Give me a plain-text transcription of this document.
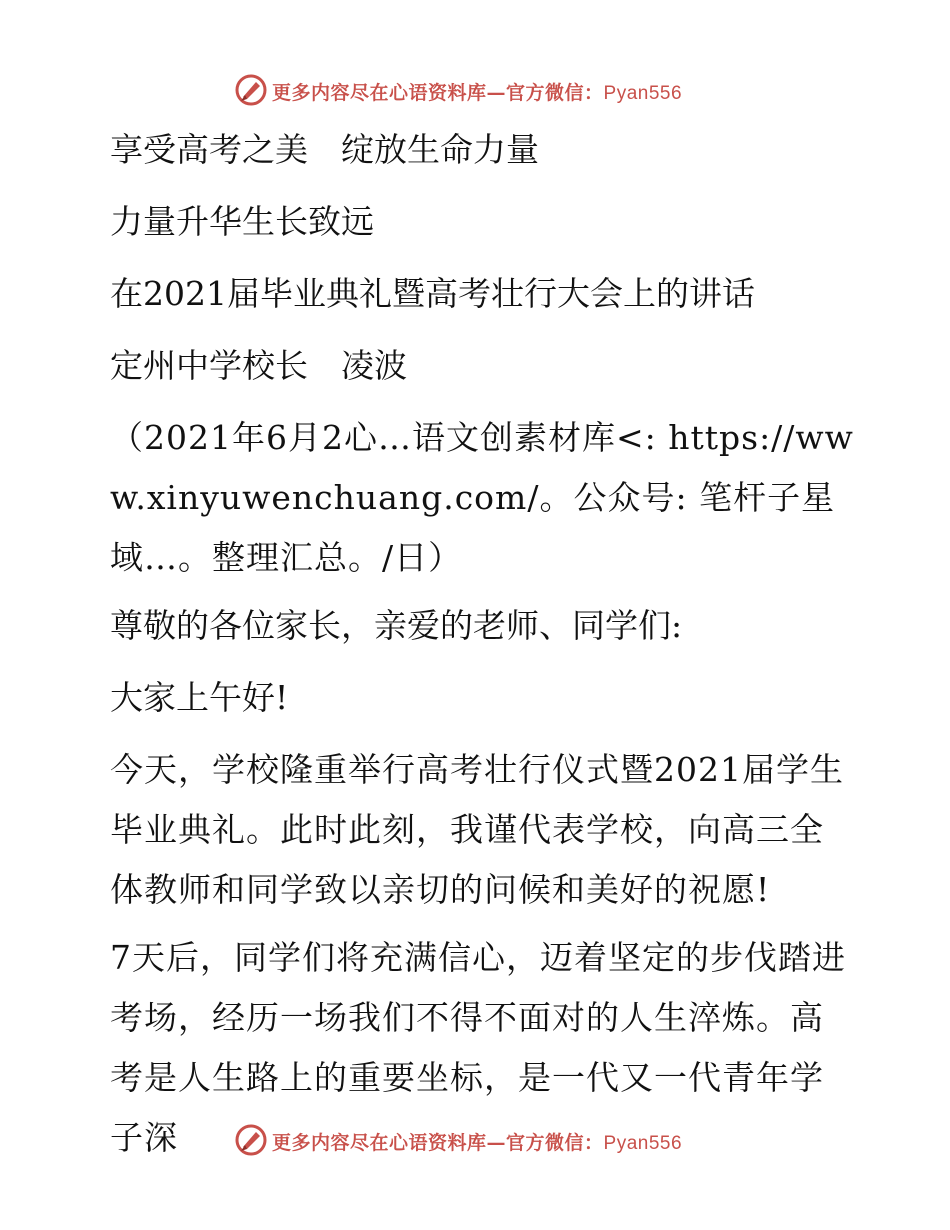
更多内容尽在心语资料库—官方微信：Pyan556

享受高考之美　绽放生命力量

力量升华生长致远

在2021届毕业典礼暨高考壮行大会上的讲话

定州中学校长　凌波

（2021年6月2心…语文创素材库<: https://www.xinyuwenchuang.com/。公众号: 笔杆子星域…。整理汇总。/日）

尊敬的各位家长，亲爱的老师、同学们:

大家上午好!

今天，学校隆重举行高考壮行仪式暨2021届学生毕业典礼。此时此刻，我谨代表学校，向高三全体教师和同学致以亲切的问候和美好的祝愿!

7天后，同学们将充满信心，迈着坚定的步伐踏进考场，经历一场我们不得不面对的人生淬炼。高考是人生路上的重要坐标，是一代又一代青年学子深	更多内容尽在心语资料库—官方微信：Pyan556
